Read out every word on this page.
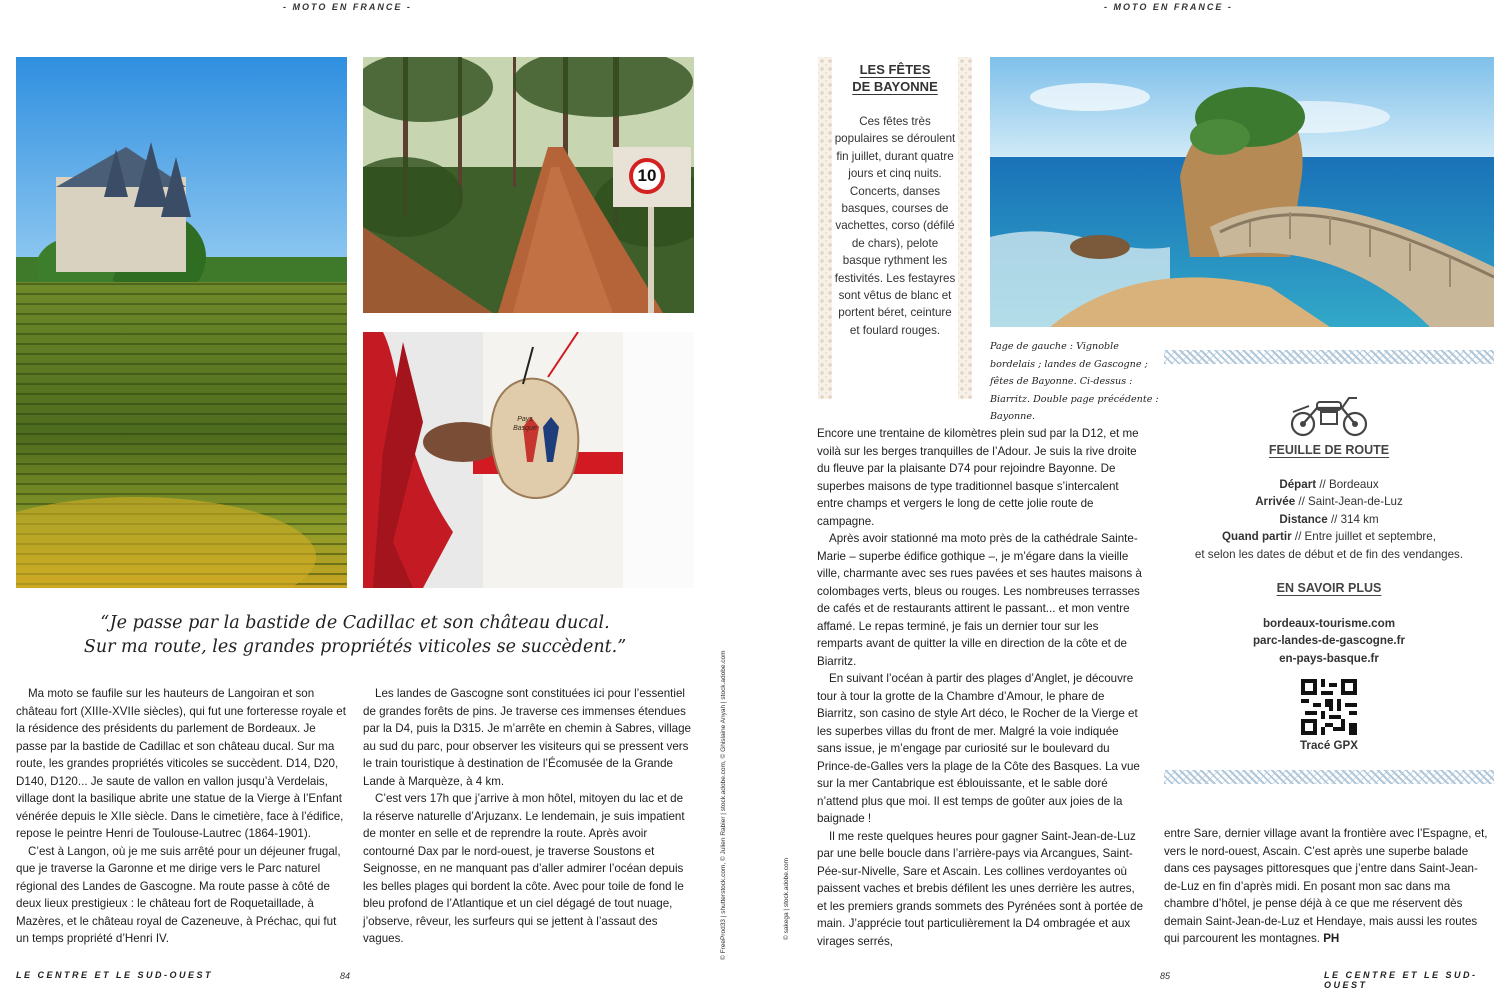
- MOTO EN FRANCE -	- MOTO EN FRANCE -
10
Pays
Basque
“Je passe par la bastide de Cadillac et son château ducal.
Sur ma route, les grandes propriétés viticoles se succèdent.”

Ma moto se faufile sur les hauteurs de Langoiran et son château fort (XIIIe-XVIIe siècles), qui fut une forteresse royale et la résidence des présidents du parlement de Bordeaux. Je passe par la bastide de Cadillac et son château ducal. Sur ma route, les grandes propriétés viticoles se succèdent. D14, D20, D140, D120... Je saute de vallon en vallon jusqu’à Verdelais, village dont la basilique abrite une statue de la Vierge à l’Enfant vénérée depuis le XIIe siècle. Dans le cimetière, face à l’édifice, repose le peintre Henri de Toulouse-Lautrec (1864-1901).

C’est à Langon, où je me suis arrêté pour un déjeuner frugal, que je traverse la Garonne et me dirige vers le Parc naturel régional des Landes de Gascogne. Ma route passe à côté de deux lieux prestigieux : le château fort de Roquetaillade, à Mazères, et le château royal de Cazeneuve, à Préchac, qui fut un temps propriété d’Henri IV.

Les landes de Gascogne sont constituées ici pour l’essentiel de grandes forêts de pins. Je traverse ces immenses étendues par la D4, puis la D315. Je m’arrête en chemin à Sabres, village au sud du parc, pour observer les visiteurs qui se pressent vers le train touristique à destination de l’Écomusée de la Grande Lande à Marquèze, à 4 km.

C’est vers 17h que j’arrive à mon hôtel, mitoyen du lac et de la réserve naturelle d’Arjuzanx. Le lendemain, je suis impatient de monter en selle et de reprendre la route. Après avoir contourné Dax par le nord-ouest, je traverse Soustons et Seignosse, en ne manquant pas d’aller admirer l’océan depuis les belles plages qui bordent la côte. Avec pour toile de fond le bleu profond de l’Atlantique et un ciel dégagé de tout nuage, j’observe, rêveur, les surfeurs qui se jettent à l’assaut des vagues.	© FreeProd33 | shutterstock.com, © Julien Rabier | stock.adobe.com, © Ghislaine Anyah | stock.adobe.com	© sakega | stock.adobe.com
LES FÊTES
DE BAYONNE
Ces fêtes très populaires se déroulent fin juillet, durant quatre jours et cinq nuits. Concerts, danses basques, courses de vachettes, corso (défilé de chars), pelote basque rythment les festivités. Les festayres sont vêtus de blanc et portent béret, ceinture et foulard rouges.
Page de gauche : Vignoble bordelais ; landes de Gascogne ; fêtes de Bayonne. Ci-dessus : Biarritz. Double page précédente : Bayonne.

Encore une trentaine de kilomètres plein sud par la D12, et me voilà sur les berges tranquilles de l’Adour. Je suis la rive droite du fleuve par la plaisante D74 pour rejoindre Bayonne. De superbes maisons de type traditionnel basque s’intercalent entre champs et vergers le long de cette jolie route de campagne.

Après avoir stationné ma moto près de la cathédrale Sainte-Marie – superbe édifice gothique –, je m’égare dans la vieille ville, charmante avec ses rues pavées et ses hautes maisons à colombages verts, bleus ou rouges. Les nombreuses terrasses de cafés et de restaurants attirent le passant... et mon ventre affamé. Le repas terminé, je fais un dernier tour sur les remparts avant de quitter la ville en direction de la côte et de Biarritz.

En suivant l’océan à partir des plages d’Anglet, je découvre tour à tour la grotte de la Chambre d’Amour, le phare de Biarritz, son casino de style Art déco, le Rocher de la Vierge et les superbes villas du front de mer. Malgré la voie indiquée sans issue, je m’engage par curiosité sur le boulevard du Prince-de-Galles vers la plage de la Côte des Basques. La vue sur la mer Cantabrique est éblouissante, et le sable doré n’attend plus que moi. Il est temps de goûter aux joies de la baignade !

Il me reste quelques heures pour gagner Saint-Jean-de-Luz par une belle boucle dans l’arrière-pays via Arcangues, Saint-Pée-sur-Nivelle, Sare et Ascain. Les collines verdoyantes où paissent vaches et brebis défilent les unes derrière les autres, et les premiers grands sommets des Pyrénées sont à portée de main. J’apprécie tout particulièrement la D4 ombragée et aux virages serrés,

FEUILLE DE ROUTE
Départ // Bordeaux
Arrivée // Saint-Jean-de-Luz
Distance // 314 km
Quand partir // Entre juillet et septembre,
et selon les dates de début et de fin des vendanges.
EN SAVOIR PLUS
bordeaux-tourisme.com
parc-landes-de-gascogne.fr
en-pays-basque.fr
Tracé GPX

entre Sare, dernier village avant la frontière avec l’Espagne, et, vers le nord-ouest, Ascain. C’est après une superbe balade dans ces paysages pittoresques que j’entre dans Saint-Jean-de-Luz en fin d’après midi. En posant mon sac dans ma chambre d’hôtel, je pense déjà à ce que me réservent dès demain Saint-Jean-de-Luz et Hendaye, mais aussi les routes qui parcourent les montagnes. PH

LE CENTRE ET LE SUD-OUEST	84	85	LE CENTRE ET LE SUD-OUEST
